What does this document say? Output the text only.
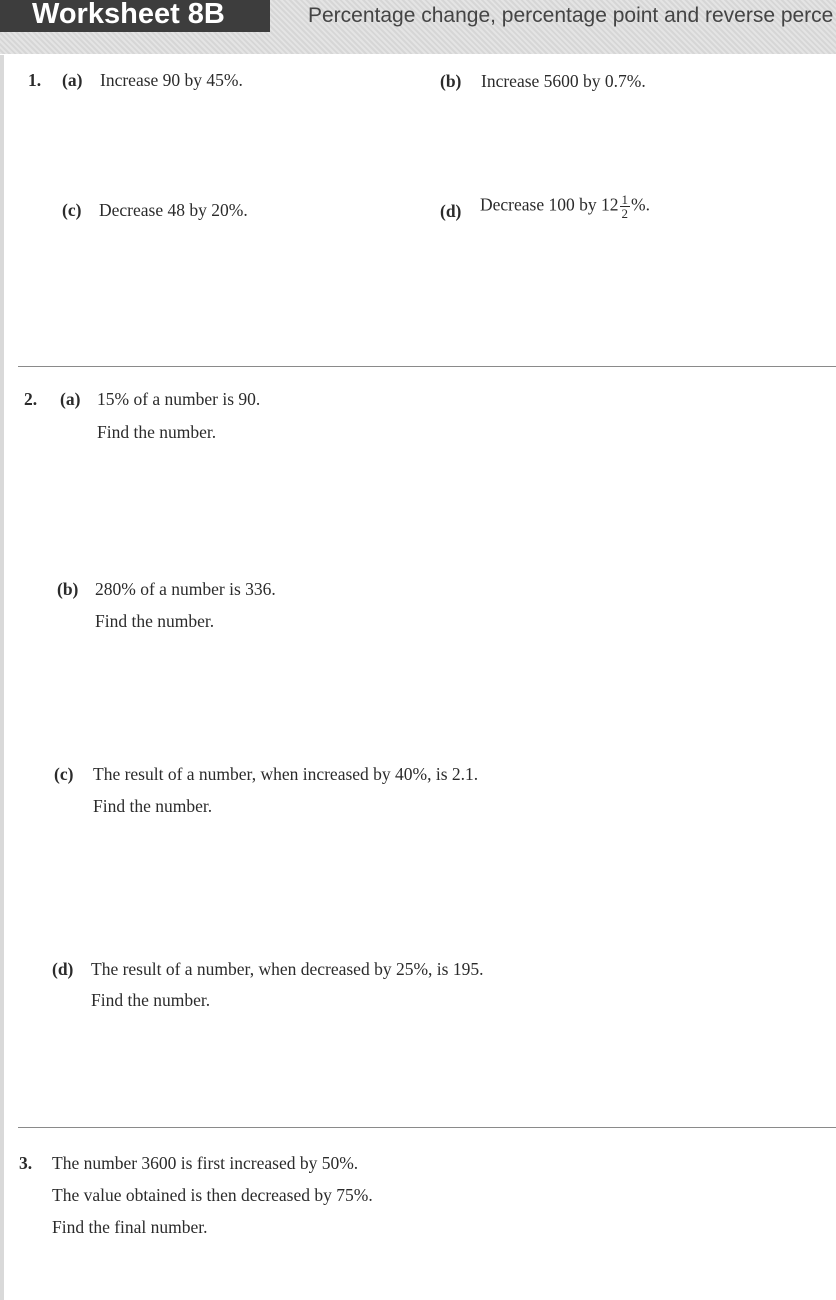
Worksheet 8B	Percentage change, percentage point and reverse perce
1. (a) Increase 90 by 45%.	(b) Increase 5600 by 0.7%.
(c) Decrease 48 by 20%.	(d) Decrease 100 by $12 \frac{1}{2}$ %.
2. (a) 15% of a number is 90.
Find the number.
(b) 280% of a number is 336.
Find the number.
(c) The result of a number, when increased by 40%, is 2.1.
Find the number.
(d) The result of a number, when decreased by 25%, is 195.
Find the number.
3. The number 3600 is first increased by 50%.
The value obtained is then decreased by 75%.
Find the final number.
